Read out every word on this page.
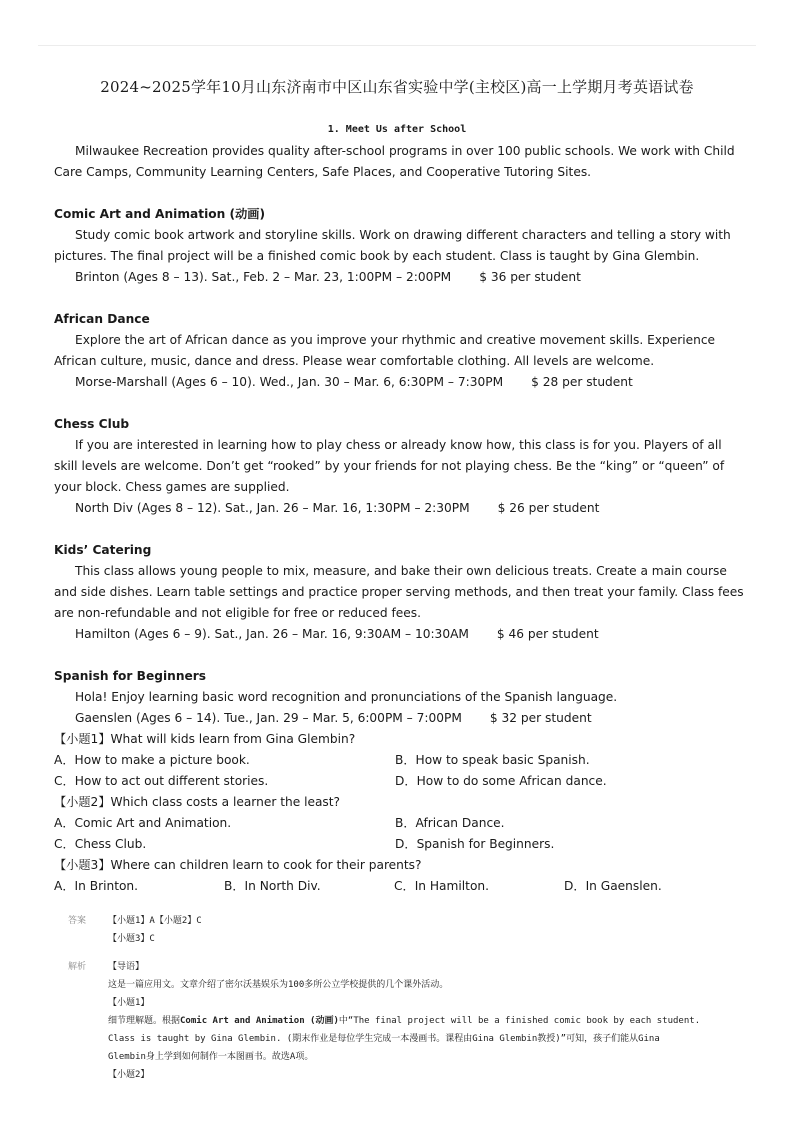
2024~2025学年10月山东济南市中区山东省实验中学(主校区)高一上学期月考英语试卷
1. Meet Us after School

Milwaukee Recreation provides quality after-school programs in over 100 public schools. We work with Child Care Camps, Community Learning Centers, Safe Places, and Cooperative Tutoring Sites.

Comic Art and Animation (动画)

Study comic book artwork and storyline skills. Work on drawing different characters and telling a story with pictures. The final project will be a finished comic book by each student. Class is taught by Gina Glembin.

Brinton (Ages 8 – 13). Sat., Feb. 2 – Mar. 23, 1:00PM – 2:00PM $ 36 per student

African Dance

Explore the art of African dance as you improve your rhythmic and creative movement skills. Experience African culture, music, dance and dress. Please wear comfortable clothing. All levels are welcome.

Morse-Marshall (Ages 6 – 10). Wed., Jan. 30 – Mar. 6, 6:30PM – 7:30PM $ 28 per student

Chess Club

If you are interested in learning how to play chess or already know how, this class is for you. Players of all skill levels are welcome. Don’t get “rooked” by your friends for not playing chess. Be the “king” or “queen” of your block. Chess games are supplied.

North Div (Ages 8 – 12). Sat., Jan. 26 – Mar. 16, 1:30PM – 2:30PM $ 26 per student

Kids’ Catering

This class allows young people to mix, measure, and bake their own delicious treats. Create a main course and side dishes. Learn table settings and practice proper serving methods, and then treat your family. Class fees are non-refundable and not eligible for free or reduced fees.

Hamilton (Ages 6 – 9). Sat., Jan. 26 – Mar. 16, 9:30AM – 10:30AM $ 46 per student

Spanish for Beginners

Hola! Enjoy learning basic word recognition and pronunciations of the Spanish language.

Gaenslen (Ages 6 – 14). Tue., Jan. 29 – Mar. 5, 6:00PM – 7:00PM $ 32 per student

【小题1】What will kids learn from Gina Glembin?

A．How to make a picture book.	B．How to speak basic Spanish.
C．How to act out different stories.	D．How to do some African dance.

【小题2】Which class costs a learner the least?

A．Comic Art and Animation.	B．African Dance.
C．Chess Club.	D．Spanish for Beginners.

【小题3】Where can children learn to cook for their parents?

A．In Brinton.	B．In North Div.	C．In Hamilton.	D．In Gaenslen.
答案	【小题1】A【小题2】C

【小题3】C

解析	【导语】

这是一篇应用文。文章介绍了密尔沃基娱乐为100多所公立学校提供的几个课外活动。

【小题1】

细节理解题。根据Comic Art and Animation (动画)中“The final project will be a finished comic book by each student.

Class is taught by Gina Glembin. (期末作业是每位学生完成一本漫画书。课程由Gina Glembin教授)”可知，孩子们能从Gina

Glembin身上学到如何制作一本图画书。故选A项。

【小题2】
